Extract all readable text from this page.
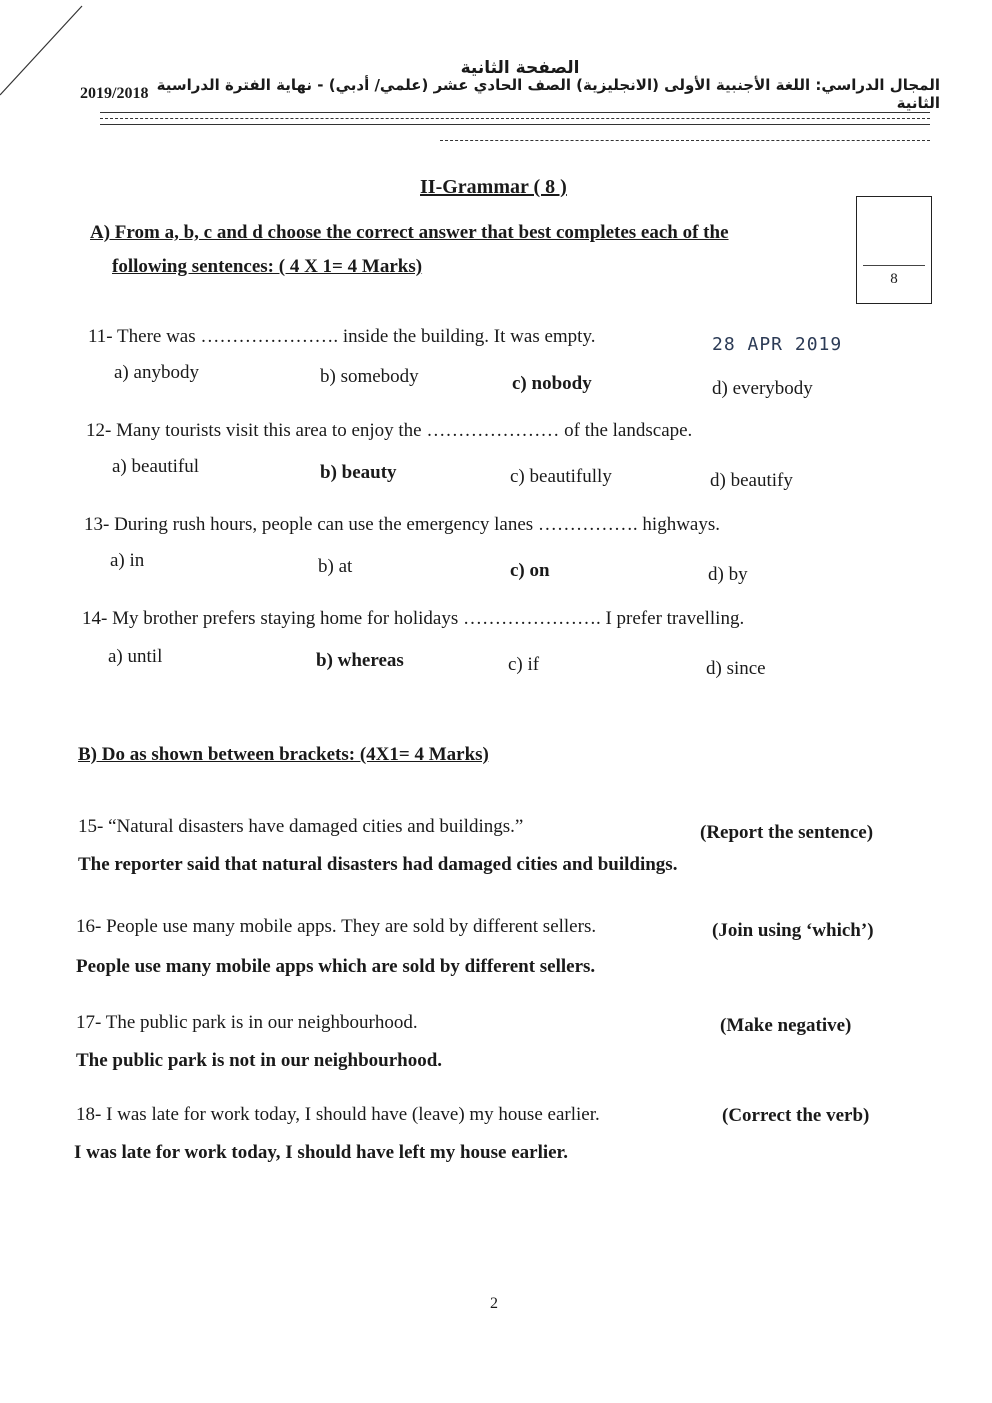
الصفحة الثانية
2019/2018 المجال الدراسي: اللغة الأجنبية الأولى (الانجليزية) الصف الحادي عشر (علمي/ أدبي) - نهاية الفترة الدراسية الثانية
II-Grammar ( 8 )
8
A) From a, b, c and d choose the correct answer that best completes each of the
following sentences: ( 4 X 1= 4 Marks)
11- There was …………………. inside the building. It was empty.	28 APR 2019
a) anybody	b) somebody	c) nobody	d) everybody
12- Many tourists visit this area to enjoy the ………………… of the landscape.
a) beautiful	b) beauty	c) beautifully	d) beautify
13- During rush hours, people can use the emergency lanes ……………. highways.
a) in	b) at	c) on	d) by
14- My brother prefers staying home for holidays …………………. I prefer travelling.
a) until	b) whereas	c) if	d) since
B) Do as shown between brackets: (4X1= 4 Marks)
15- “Natural disasters have damaged cities and buildings.”	(Report the sentence)
The reporter said that natural disasters had damaged cities and buildings.
16- People use many mobile apps. They are sold by different sellers.	(Join using ‘which’)
People use many mobile apps which are sold by different sellers.
17- The public park is in our neighbourhood.	(Make negative)
The public park is not in our neighbourhood.
18- I was late for work today, I should have (leave) my house earlier.	(Correct the verb)
I was late for work today, I should have left my house earlier.
2
